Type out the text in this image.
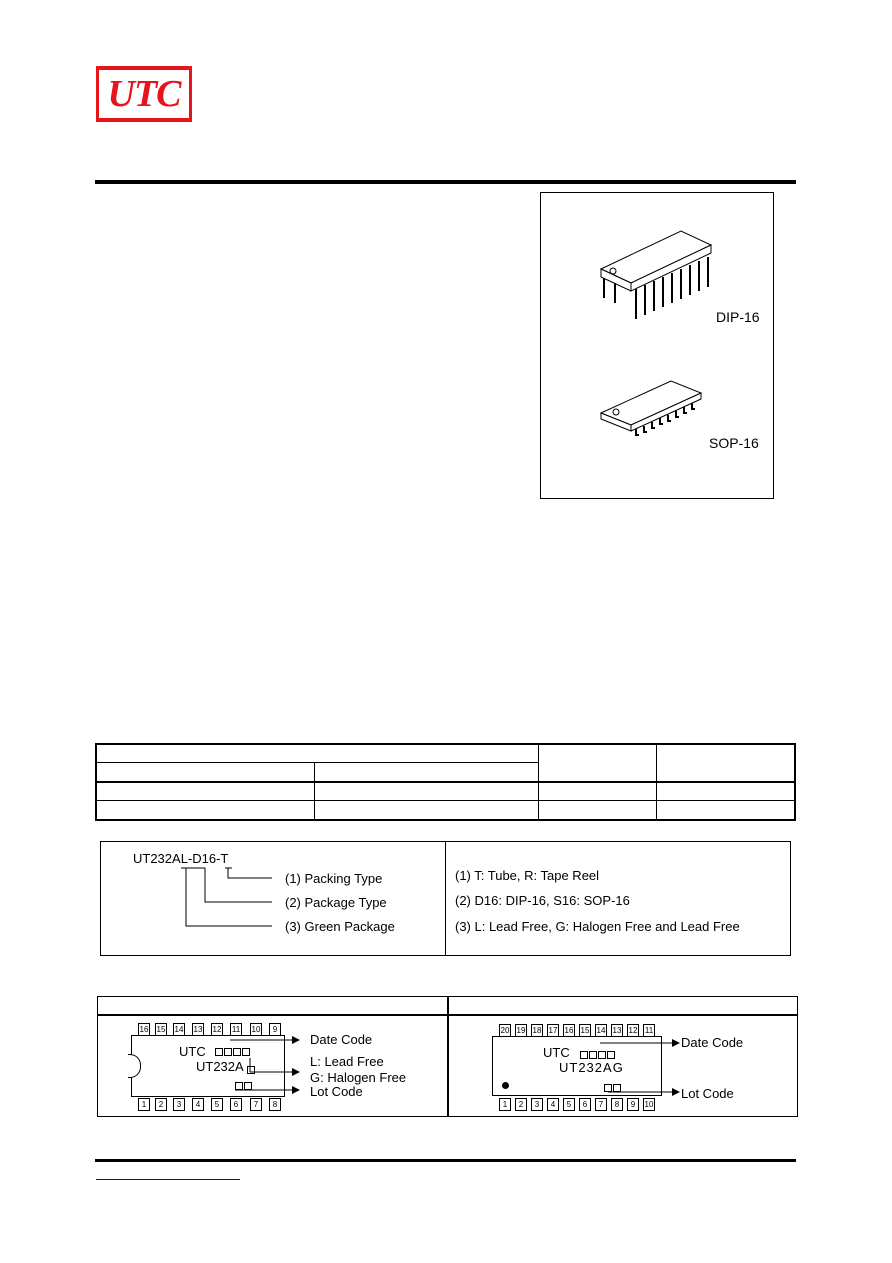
UTC
DIP-16
SOP-16
UT232AL-D16-T
(1) Packing Type
(2) Package Type
(3) Green Package
(1) T: Tube, R: Tape Reel
(2) D16: DIP-16, S16: SOP-16
(3) L: Lead Free, G: Halogen Free and Lead Free
16 15 14 13 12 11 10	9
1	2	3	4	5	6	7	8
UTC
UT232A
Date Code
L: Lead Free
G: Halogen Free
Lot Code
20 19 18 17 16 15 14 13 12 11
1	2	3	4	5	6	7	8	9	10
UTC
UT232AG
Date Code
Lot Code
